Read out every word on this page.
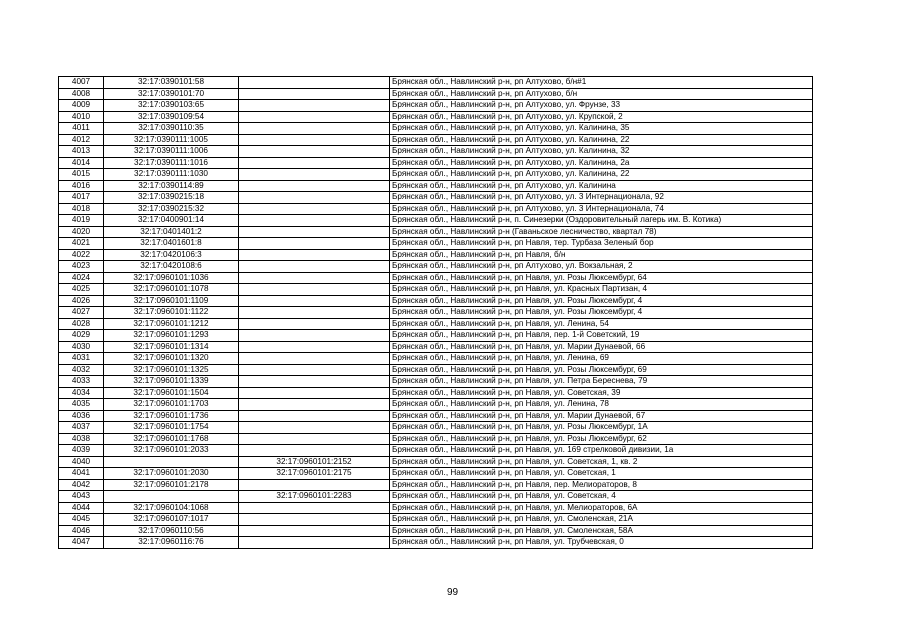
4007	32:17:0390101:58		Брянская обл., Навлинский р-н, рп Алтухово, б/н#1
4008	32:17:0390101:70		Брянская обл., Навлинский р-н, рп Алтухово, б/н
4009	32:17:0390103:65		Брянская обл., Навлинский р-н, рп Алтухово, ул. Фрунзе, 33
4010	32:17:0390109:54		Брянская обл., Навлинский р-н, рп Алтухово, ул. Крупской, 2
4011	32:17:0390110:35		Брянская обл., Навлинский р-н, рп Алтухово, ул. Калинина, 35
4012	32:17:0390111:1005		Брянская обл., Навлинский р-н, рп Алтухово, ул. Калинина, 22
4013	32:17:0390111:1006		Брянская обл., Навлинский р-н, рп Алтухово, ул. Калинина, 32
4014	32:17:0390111:1016		Брянская обл., Навлинский р-н, рп Алтухово, ул. Калинина, 2а
4015	32:17:0390111:1030		Брянская обл., Навлинский р-н, рп Алтухово, ул. Калинина, 22
4016	32:17:0390114:89		Брянская обл., Навлинский р-н, рп Алтухово, ул. Калинина
4017	32:17:0390215:18		Брянская обл., Навлинский р-н, рп Алтухово, ул. 3 Интернационала, 92
4018	32:17:0390215:32		Брянская обл., Навлинский р-н, рп Алтухово, ул. 3 Интернационала, 74
4019	32:17:0400901:14		Брянская обл., Навлинский р-н, п. Синезерки (Оздоровительный лагерь им. В. Котика)
4020	32:17:0401401:2		Брянская обл., Навлинский р-н (Гаваньское лесничество, квартал 78)
4021	32:17:0401601:8		Брянская обл., Навлинский р-н, рп Навля, тер. Турбаза Зеленый бор
4022	32:17:0420106:3		Брянская обл., Навлинский р-н, рп Навля, б/н
4023	32:17:0420108:6		Брянская обл., Навлинский р-н, рп Алтухово, ул. Вокзальная, 2
4024	32:17:0960101:1036		Брянская обл., Навлинский р-н, рп Навля, ул. Розы Люксембург, 64
4025	32:17:0960101:1078		Брянская обл., Навлинский р-н, рп Навля, ул. Красных Партизан, 4
4026	32:17:0960101:1109		Брянская обл., Навлинский р-н, рп Навля, ул. Розы Люксембург, 4
4027	32:17:0960101:1122		Брянская обл., Навлинский р-н, рп Навля, ул. Розы Люксембург, 4
4028	32:17:0960101:1212		Брянская обл., Навлинский р-н, рп Навля, ул. Ленина, 54
4029	32:17:0960101:1293		Брянская обл., Навлинский р-н, рп Навля, пер. 1-й Советский, 19
4030	32:17:0960101:1314		Брянская обл., Навлинский р-н, рп Навля, ул. Марии Дунаевой, 66
4031	32:17:0960101:1320		Брянская обл., Навлинский р-н, рп Навля, ул. Ленина, 69
4032	32:17:0960101:1325		Брянская обл., Навлинский р-н, рп Навля, ул. Розы Люксембург, 69
4033	32:17:0960101:1339		Брянская обл., Навлинский р-н, рп Навля, ул. Петра Береснева, 79
4034	32:17:0960101:1504		Брянская обл., Навлинский р-н, рп Навля, ул. Советская, 39
4035	32:17:0960101:1703		Брянская обл., Навлинский р-н, рп Навля, ул. Ленина, 78
4036	32:17:0960101:1736		Брянская обл., Навлинский р-н, рп Навля, ул. Марии Дунаевой, 67
4037	32:17:0960101:1754		Брянская обл., Навлинский р-н, рп Навля, ул. Розы Люксембург, 1А
4038	32:17:0960101:1768		Брянская обл., Навлинский р-н, рп Навля, ул. Розы Люксембург, 62
4039	32:17:0960101:2033		Брянская обл., Навлинский р-н, рп Навля, ул. 169 стрелковой дивизии, 1а
4040		32:17:0960101:2152	Брянская обл., Навлинский р-н, рп Навля, ул. Советская, 1, кв. 2
4041	32:17:0960101:2030	32:17:0960101:2175	Брянская обл., Навлинский р-н, рп Навля, ул. Советская, 1
4042	32:17:0960101:2178		Брянская обл., Навлинский р-н, рп Навля, пер. Мелиораторов, 8
4043		32:17:0960101:2283	Брянская обл., Навлинский р-н, рп Навля, ул. Советская, 4
4044	32:17:0960104:1068		Брянская обл., Навлинский р-н, рп Навля, ул. Мелиораторов, 6А
4045	32:17:0960107:1017		Брянская обл., Навлинский р-н, рп Навля, ул. Смоленская, 21А
4046	32:17:0960110:56		Брянская обл., Навлинский р-н, рп Навля, ул. Смоленская, 58А
4047	32:17:0960116:76		Брянская обл., Навлинский р-н, рп Навля, ул. Трубчевская, 0
99
